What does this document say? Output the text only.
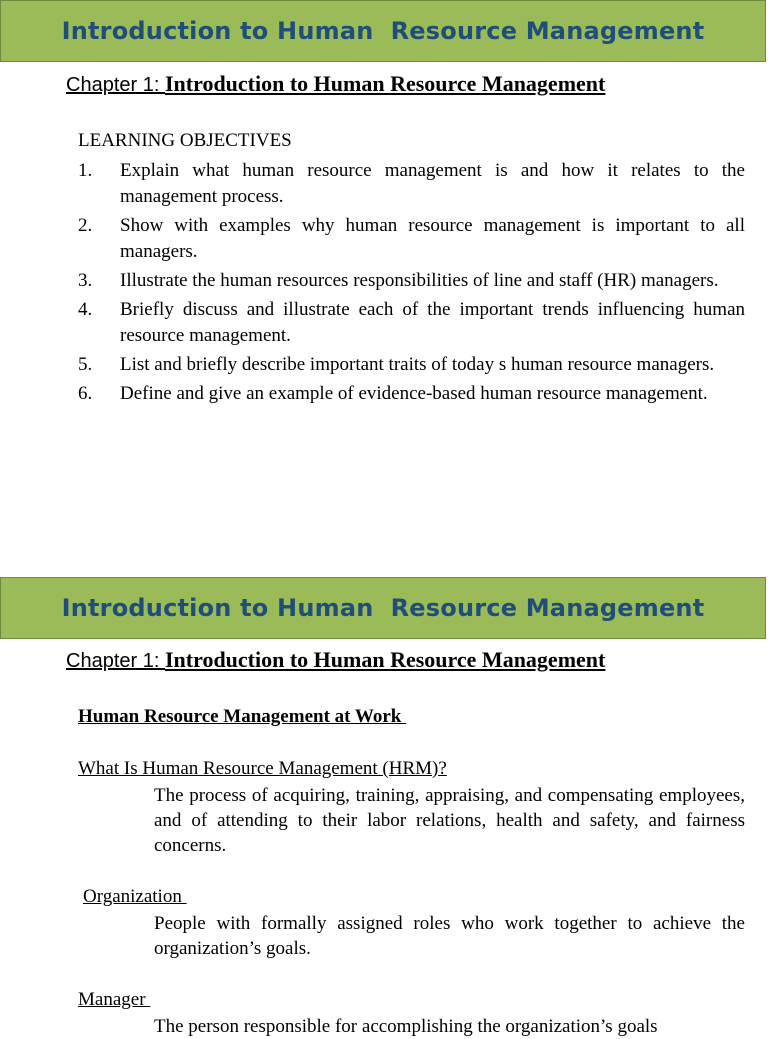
Introduction to Human  Resource Management
Chapter 1: Introduction to Human Resource Management
LEARNING OBJECTIVES
1.	Explain what human resource management is and how it relates to the management process.
2.	Show with examples why human resource management is important to all managers.
3.	Illustrate the human resources responsibilities of line and staff (HR) managers.
4.	Briefly discuss and illustrate each of the important trends influencing human resource management.
5.	List and briefly describe important traits of today s human resource managers.
6.	Define and give an example of evidence-based human resource management.
Introduction to Human  Resource Management
Chapter 1: Introduction to Human Resource Management
Human Resource Management at Work
What Is Human Resource Management (HRM)?
The process of acquiring, training, appraising, and compensating employees, and of attending to their labor relations, health and safety, and fairness concerns.
Organization
People with formally assigned roles who work together to achieve the organization’s goals.
Manager
The person responsible for accomplishing the organization’s goals
